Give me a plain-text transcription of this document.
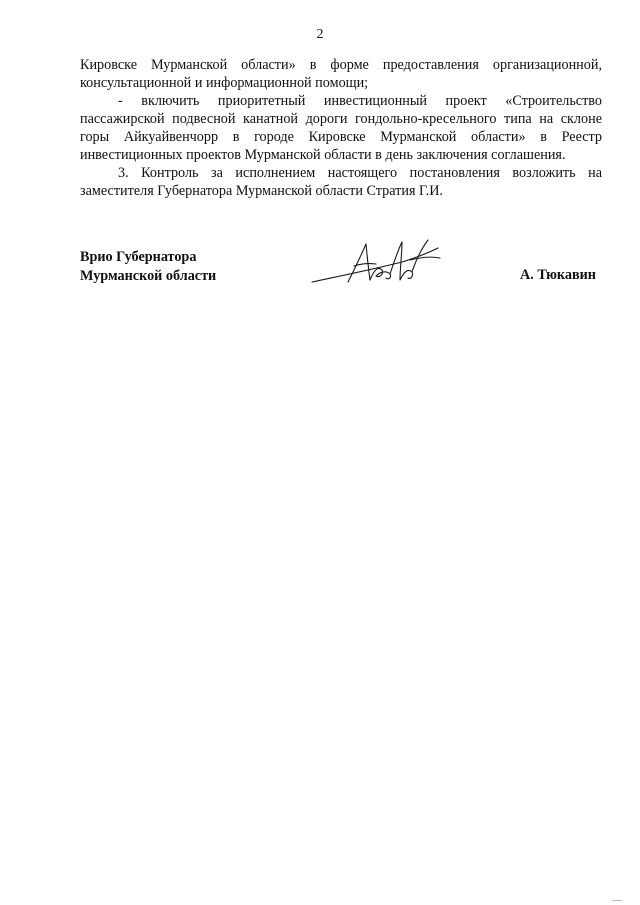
2

Кировске Мурманской области» в форме предоставления организационной, консультационной и информационной помощи;

- включить приоритетный инвестиционный проект «Строительство пассажирской подвесной канатной дороги гондольно-кресельного типа на склоне горы Айкуайвенчорр в городе Кировске Мурманской области» в Реестр инвестиционных проектов Мурманской области в день заключения соглашения.

3. Контроль за исполнением настоящего постановления возложить на заместителя Губернатора Мурманской области Стратия Г.И.

Врио Губернатора
Мурманской области	А. Тюкавин
